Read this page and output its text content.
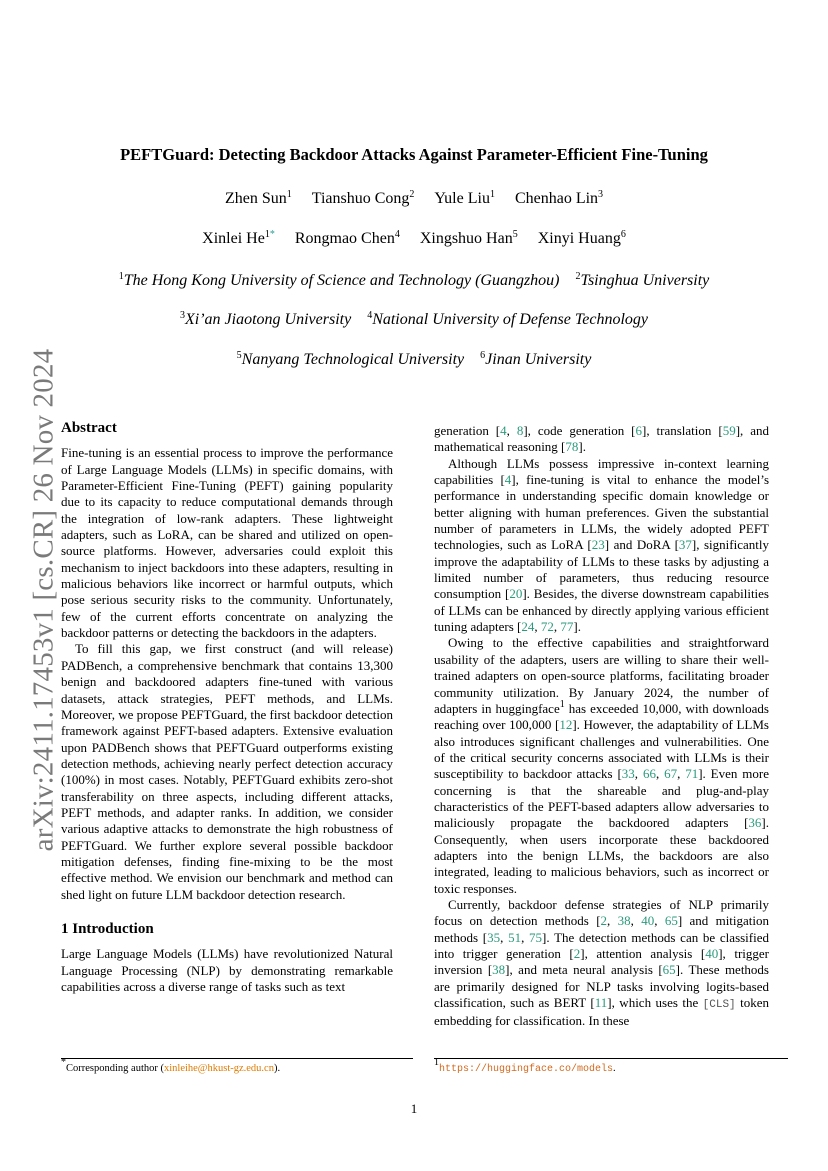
arXiv:2411.17453v1 [cs.CR] 26 Nov 2024
PEFTGuard: Detecting Backdoor Attacks Against Parameter-Efficient Fine-Tuning
Zhen Sun$^1$ Tianshuo Cong$^2$ Yule Liu$^1$ Chenhao Lin$^3$
Xinlei $He^{1*}$ Rongmao Chen$^4$ Xingshuo Han$^5$ Xinyi Huang$^6$
$^1$The Hong Kong University of Science and Technology (Guangzhou) $^2$Tsinghua University
$^3$Xi’an Jiaotong University $^4$National University of Defense Technology
$^5$Nanyang Technological University $^6$Jinan University
Abstract

Fine-tuning is an essential process to improve the performance of Large Language Models (LLMs) in specific domains, with Parameter-Efficient Fine-Tuning (PEFT) gaining popularity due to its capacity to reduce computational demands through the integration of low-rank adapters. These lightweight adapters, such as LoRA, can be shared and utilized on open-source platforms. However, adversaries could exploit this mechanism to inject backdoors into these adapters, resulting in malicious behaviors like incorrect or harmful outputs, which pose serious security risks to the community. Unfortunately, few of the current efforts concentrate on analyzing the backdoor patterns or detecting the backdoors in the adapters.

To fill this gap, we first construct (and will release) PADBench, a comprehensive benchmark that contains 13,300 benign and backdoored adapters fine-tuned with various datasets, attack strategies, PEFT methods, and LLMs. Moreover, we propose PEFTGuard, the first backdoor detection framework against PEFT-based adapters. Extensive evaluation upon PADBench shows that PEFTGuard outperforms existing detection methods, achieving nearly perfect detection accuracy (100%) in most cases. Notably, PEFTGuard exhibits zero-shot transferability on three aspects, including different attacks, PEFT methods, and adapter ranks. In addition, we consider various adaptive attacks to demonstrate the high robustness of PEFTGuard. We further explore several possible backdoor mitigation defenses, finding fine-mixing to be the most effective method. We envision our benchmark and method can shed light on future LLM backdoor detection research.

1 Introduction

Large Language Models (LLMs) have revolutionized Natural Language Processing (NLP) by demonstrating remarkable capabilities across a diverse range of tasks such as text

generation [4, 8], code generation [6], translation [59], and mathematical reasoning [78].

Although LLMs possess impressive in-context learning capabilities [4], fine-tuning is vital to enhance the model’s performance in understanding specific domain knowledge or better aligning with human preferences. Given the substantial number of parameters in LLMs, the widely adopted PEFT technologies, such as LoRA [23] and DoRA [37], significantly improve the adaptability of LLMs to these tasks by adjusting a limited number of parameters, thus reducing resource consumption [20]. Besides, the diverse downstream capabilities of LLMs can be enhanced by directly applying various efficient tuning adapters [24, 72, 77].

Owing to the effective capabilities and straightforward usability of the adapters, users are willing to share their well-trained adapters on open-source platforms, facilitating broader community utilization. By January 2024, the number of adapters in huggingface$^1$ has exceeded 10,000, with downloads reaching over 100,000 [12]. However, the adaptability of LLMs also introduces significant challenges and vulnerabilities. One of the critical security concerns associated with LLMs is their susceptibility to backdoor attacks [33, 66, 67, 71]. Even more concerning is that the shareable and plug-and-play characteristics of the PEFT-based adapters allow adversaries to maliciously propagate the backdoored adapters [36]. Consequently, when users incorporate these backdoored adapters into the benign LLMs, the backdoors are also integrated, leading to malicious behaviors, such as incorrect or toxic responses.

Currently, backdoor defense strategies of NLP primarily focus on detection methods [2, 38, 40, 65] and mitigation methods [35, 51, 75]. The detection methods can be classified into trigger generation [2], attention analysis [40], trigger inversion [38], and meta neural analysis [65]. These methods are primarily designed for NLP tasks involving logits-based classification, such as BERT [11], which uses the [CLS] token embedding for classification. In these

*Corresponding author (xinleihe@hkust-gz.edu.cn).
$^1$https://huggingface.co/models.
1
